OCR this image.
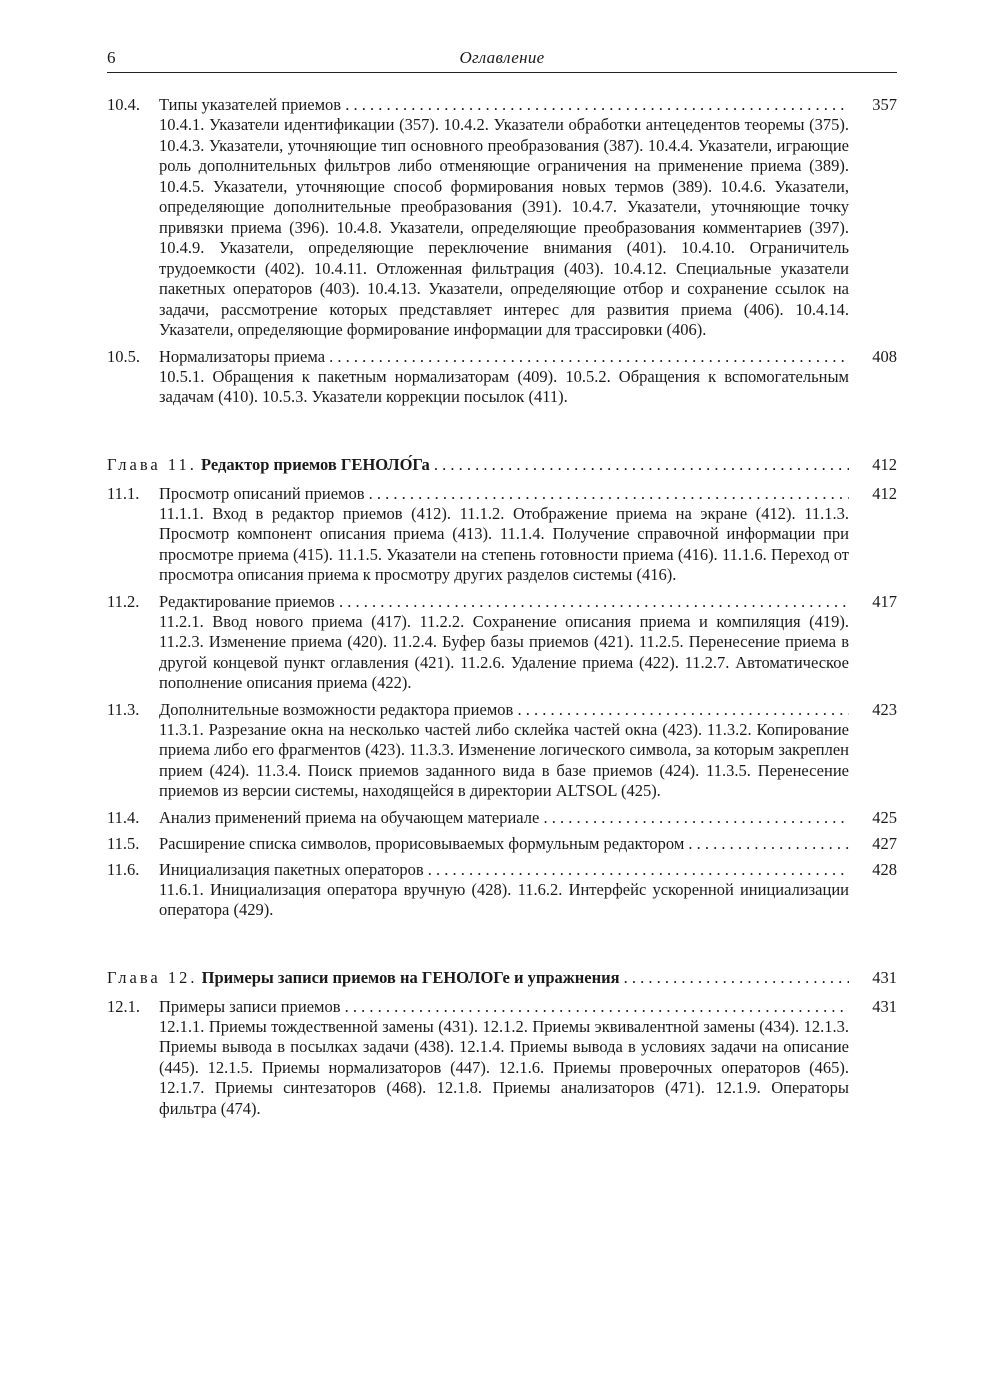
6	Оглавление
10.4.	Типы указателей приемов . . .	357
10.4.1. Указатели идентификации (357). 10.4.2. Указатели обработки антецедентов теоремы (375). 10.4.3. Указатели, уточняющие тип основного преобразования (387). 10.4.4. Указатели, играющие роль дополнительных фильтров либо отменяющие ограничения на применение приема (389). 10.4.5. Указатели, уточняющие способ формирования новых термов (389). 10.4.6. Указатели, определяющие дополнительные преобразования (391). 10.4.7. Указатели, уточняющие точку привязки приема (396). 10.4.8. Указатели, определяющие преобразования комментариев (397). 10.4.9. Указатели, определяющие переключение внимания (401). 10.4.10. Ограничитель трудоемкости (402). 10.4.11. Отложенная фильтрация (403). 10.4.12. Специальные указатели пакетных операторов (403). 10.4.13. Указатели, определяющие отбор и сохранение ссылок на задачи, рассмотрение которых представляет интерес для развития приема (406). 10.4.14. Указатели, определяющие формирование информации для трассировки (406).
10.5.	Нормализаторы приема . . .	408
10.5.1. Обращения к пакетным нормализаторам (409). 10.5.2. Обращения к вспомогательным задачам (410). 10.5.3. Указатели коррекции посылок (411).
Глава 11. Редактор приемов ГЕНОЛО́Га . . .	412
11.1.	Просмотр описаний приемов . . .	412
11.1.1. Вход в редактор приемов (412). 11.1.2. Отображение приема на экране (412). 11.1.3. Просмотр компонент описания приема (413). 11.1.4. Получение справочной информации при просмотре приема (415). 11.1.5. Указатели на степень готовности приема (416). 11.1.6. Переход от просмотра описания приема к просмотру других разделов системы (416).
11.2.	Редактирование приемов . . .	417
11.2.1. Ввод нового приема (417). 11.2.2. Сохранение описания приема и компиляция (419). 11.2.3. Изменение приема (420). 11.2.4. Буфер базы приемов (421). 11.2.5. Перенесение приема в другой концевой пункт оглавления (421). 11.2.6. Удаление приема (422). 11.2.7. Автоматическое пополнение описания приема (422).
11.3.	Дополнительные возможности редактора приемов . . .	423
11.3.1. Разрезание окна на несколько частей либо склейка частей окна (423). 11.3.2. Копирование приема либо его фрагментов (423). 11.3.3. Изменение логического символа, за которым закреплен прием (424). 11.3.4. Поиск приемов заданного вида в базе приемов (424). 11.3.5. Перенесение приемов из версии системы, находящейся в директории ALTSOL (425).
11.4.	Анализ применений приема на обучающем материале . . .	425
11.5.	Расширение списка символов, прорисовываемых формульным редактором . . .	427
11.6.	Инициализация пакетных операторов . . .	428
11.6.1. Инициализация оператора вручную (428). 11.6.2. Интерфейс ускоренной инициализации оператора (429).
Глава 12. Примеры записи приемов на ГЕНОЛОГе и упражнения . . .	431
12.1.	Примеры записи приемов . . .	431
12.1.1. Приемы тождественной замены (431). 12.1.2. Приемы эквивалентной замены (434). 12.1.3. Приемы вывода в посылках задачи (438). 12.1.4. Приемы вывода в условиях задачи на описание (445). 12.1.5. Приемы нормализаторов (447). 12.1.6. Приемы проверочных операторов (465). 12.1.7. Приемы синтезаторов (468). 12.1.8. Приемы анализаторов (471). 12.1.9. Операторы фильтра (474).
